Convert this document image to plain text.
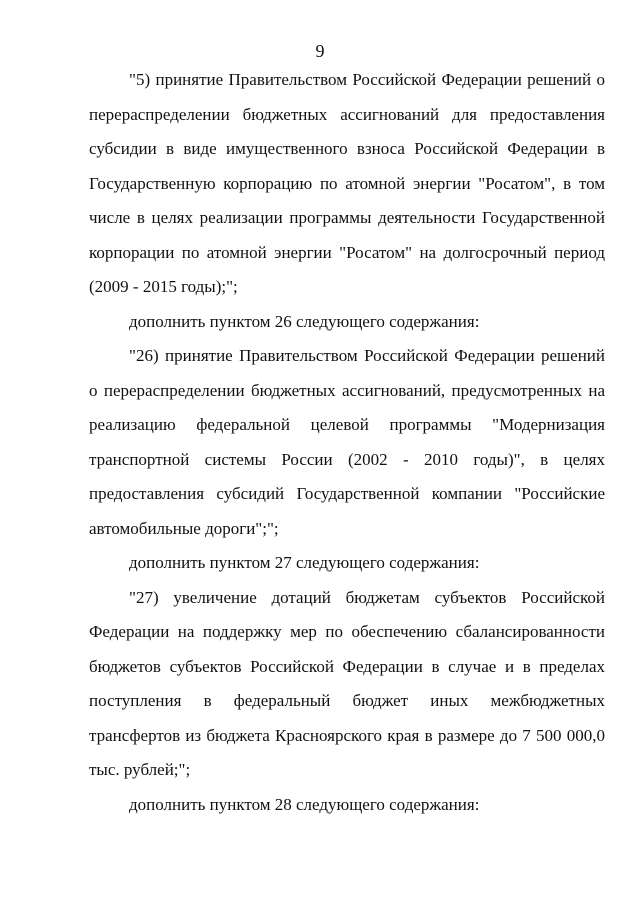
9

"5) принятие Правительством Российской Федерации решений о перераспределении бюджетных ассигнований для предоставления субсидии в виде имущественного взноса Российской Федерации в Государственную корпорацию по атомной энергии "Росатом", в том числе в целях реализации программы деятельности Государственной корпорации по атомной энергии "Росатом" на долгосрочный период (2009 - 2015 годы);";

дополнить пунктом 26 следующего содержания:

"26) принятие Правительством Российской Федерации решений о перераспределении бюджетных ассигнований, предусмотренных на реализацию федеральной целевой программы "Модернизация транспортной системы России (2002 - 2010 годы)", в целях предоставления субсидий Государственной компании "Российские автомобильные дороги";";

дополнить пунктом 27 следующего содержания:

"27) увеличение дотаций бюджетам субъектов Российской Федерации на поддержку мер по обеспечению сбалансированности бюджетов субъектов Российской Федерации в случае и в пределах поступления в федеральный бюджет иных межбюджетных трансфертов из бюджета Красноярского края в размере до 7 500 000,0 тыс. рублей;";

дополнить пунктом 28 следующего содержания:
